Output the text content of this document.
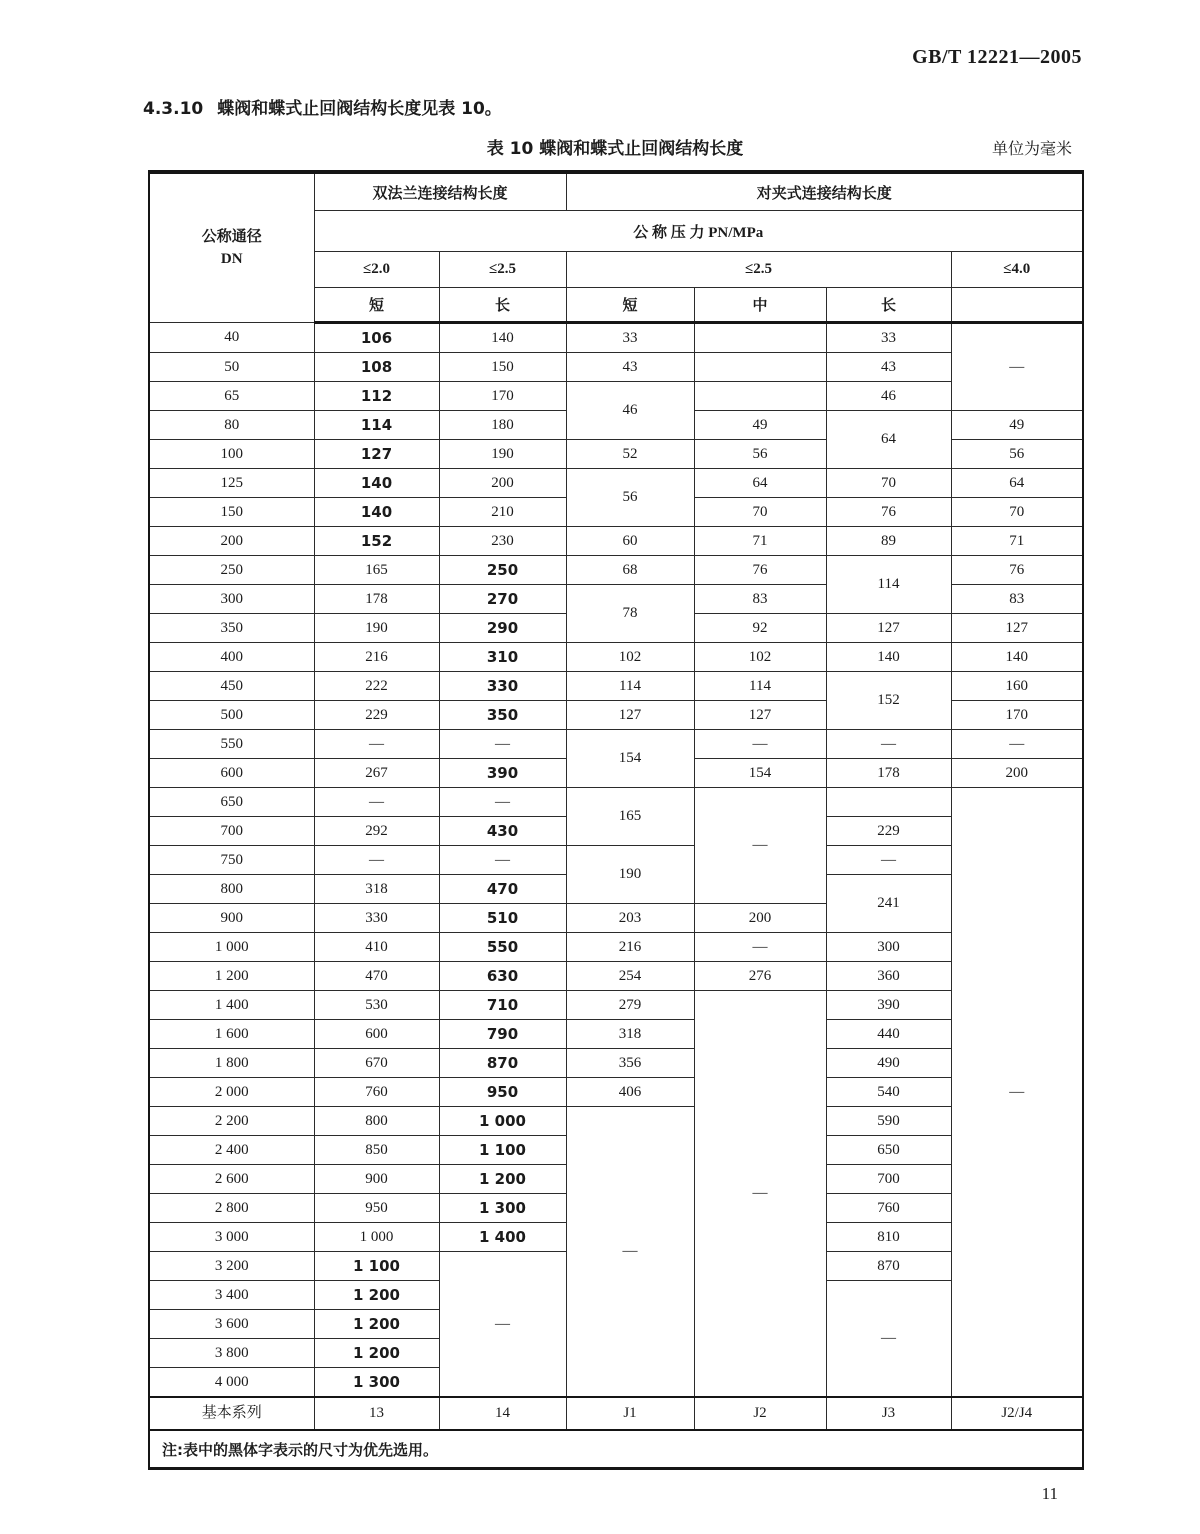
GB/T 12221—2005
4.3.10 蝶阀和蝶式止回阀结构长度见表 10。
表 10 蝶阀和蝶式止回阀结构长度	单位为毫米
公称通径
DN	双法兰连接结构长度		对夹式连接结构长度			
	公 称 压 力 PN/MPa					
	≤2.0	≤2.5	≤2.5			≤4.0
	短	长	短	中	长	
40	106	140	33		33	—
50	108	150	43		43	
65	112	170	46		46	
80	114	180		49	64	49
100	127	190	52	56		56
125	140	200	56	64	70	64
150	140	210		70	76	70
200	152	230	60	71	89	71
250	165	250	68	76	114	76
300	178	270	78	83		83
350	190	290		92	127	127
400	216	310	102	102	140	140
450	222	330	114	114	152	160
500	229	350	127	127		170
550	—	—	154	—	—	—
600	267	390		154	178	200
650	—	—	165	—		—
700	292	430			229	
750	—	—	190		—	
800	318	470			241	
900	330	510	203	200		
1 000	410	550	216	—	300	
1 200	470	630	254	276	360	
1 400	530	710	279	—	390	
1 600	600	790	318		440	
1 800	670	870	356		490	
2 000	760	950	406		540	
2 200	800	1 000	—		590	
2 400	850	1 100			650	
2 600	900	1 200			700	
2 800	950	1 300			760	
3 000	1 000	1 400			810	
3 200	1 100	—			870	
3 400	1 200				—	
3 600	1 200					
3 800	1 200					
4 000	1 300					
基本系列	13	14	J1	J2	J3	J2/J4
注:表中的黑体字表示的尺寸为优先选用。						
11
